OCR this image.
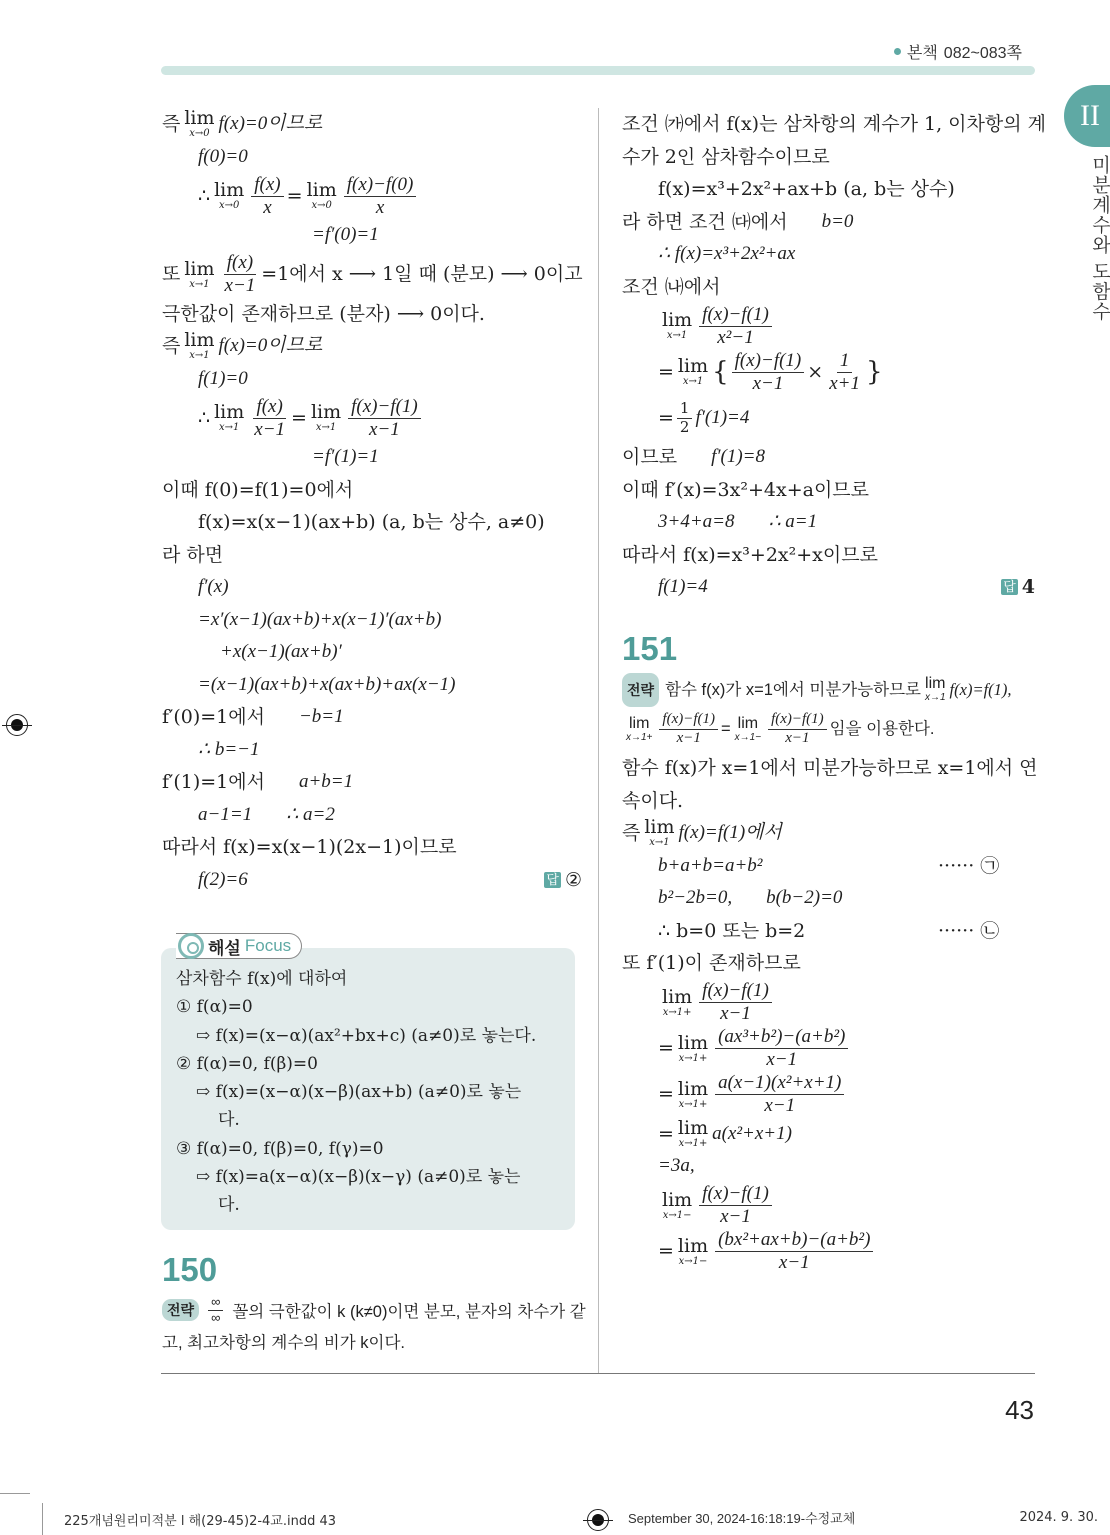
본책 082~083쪽
II
미분계수와 도함수
즉 lim
x→0 f(x)=0이므로
f(0)=0
∴ lim
$x\to 0 \frac{f(x)}{x} = \lim$
$x\to 0 \frac{f(x)-f(0)}{x}$
=f′(0)=1
또 lim
$x\to 1 \frac{f(x)}{x-1} =1$에서 x ⟶ 1일 때 (분모) ⟶ 0이고
극한값이 존재하므로 (분자) ⟶ 0이다.
즉 lim
x→1 f(x)=0이므로
f(1)=0
∴ lim
$x\to 1 \frac{f(x)}{x-1} = \lim$
$x\to 1 \frac{f(x)-f(1)}{x-1}$
=f′(1)=1
이때 f(0)=f(1)=0에서
f(x)=x(x−1)(ax+b) (a, b는 상수, a≠0)
라 하면
f′(x)
=x′(x−1)(ax+b)+x(x−1)′(ax+b)
+x(x−1)(ax+b)′
=(x−1)(ax+b)+x(ax+b)+ax(x−1)
f′(0)=1에서 −b=1
∴ b=−1
f′(1)=1에서 a+b=1
a−1=1 ∴ a=2
따라서 f(x)=x(x−1)(2x−1)이므로
f(2)=6	답 ②
해설 Focus
삼차함수 f(x)에 대하여
① f(α)=0
⇨ f(x)=(x−α)(ax²+bx+c) (a≠0)로 놓는다.
② f(α)=0, f(β)=0
⇨ f(x)=(x−α)(x−β)(ax+b) (a≠0)로 놓는
다.
③ f(α)=0, f(β)=0, f(γ)=0
⇨ f(x)=a(x−α)(x−β)(x−γ) (a≠0)로 놓는
다.
150
전략	$\frac{\infty}{\infty}$ 꼴의 극한값이 k (k≠0)이면 분모, 분자의 차수가 같
고, 최고차항의 계수의 비가 k이다.
조건 ㈎에서 f(x)는 삼차항의 계수가 1, 이차항의 계
수가 2인 삼차함수이므로
f(x)=x³+2x²+ax+b (a, b는 상수)
라 하면 조건 ㈐에서 b=0
∴ f(x)=x³+2x²+ax
조건 ㈏에서
lim
$x\to 1 \frac{f(x)-f(1)}{\text{x²−1}}$
= lim
x→1 { $\frac{f(x)-f(1)}{x-1} \times \frac{1}{x+1}$ }
= $\frac{1}{2} f'(1)=4$
이므로 f′(1)=8
이때 f′(x)=3x²+4x+a이므로
3+4+a=8 ∴ a=1
따라서 f(x)=x³+2x²+x이므로
f(1)=4	답 4
151
전략 함수 f(x)가 x=1에서 미분가능하므로 lim
x→1 f(x)=f(1),
lim
$x\to 1+ \frac{f(x)-f(1)}{x-1} = \lim$
$x\to 1- \frac{f(x)-f(1)}{x-1}$ 임을 이용한다.
함수 f(x)가 x=1에서 미분가능하므로 x=1에서 연
속이다.
즉 lim
x→1 f(x)=f(1)에서
b+a+b=a+b²	······ ㉠
b²−2b=0, b(b−2)=0
∴ b=0 또는 b=2	······ ㉡
또 f′(1)이 존재하므로
lim
$x\to 1+ \frac{f(x)-f(1)}{x-1}$
= lim
$x\to 1+ \frac{\text{(ax³+b²)−(a+b²)}}{x-1}$
= lim
$x\to 1+ \frac{\text{a(x−1)(x²+x+1)}}{x-1}$
= lim
x→1+ a(x²+x+1)
=3a,
lim
$x\to 1- \frac{f(x)-f(1)}{x-1}$
= lim
$x\to 1- \frac{\text{(bx²+ax+b)−(a+b²)}}{x-1}$
43
225개념원리미적분 l 해(29-45)2-4교.indd 43	September 30, 2024-16:18:19-수정교체	2024. 9. 30.
